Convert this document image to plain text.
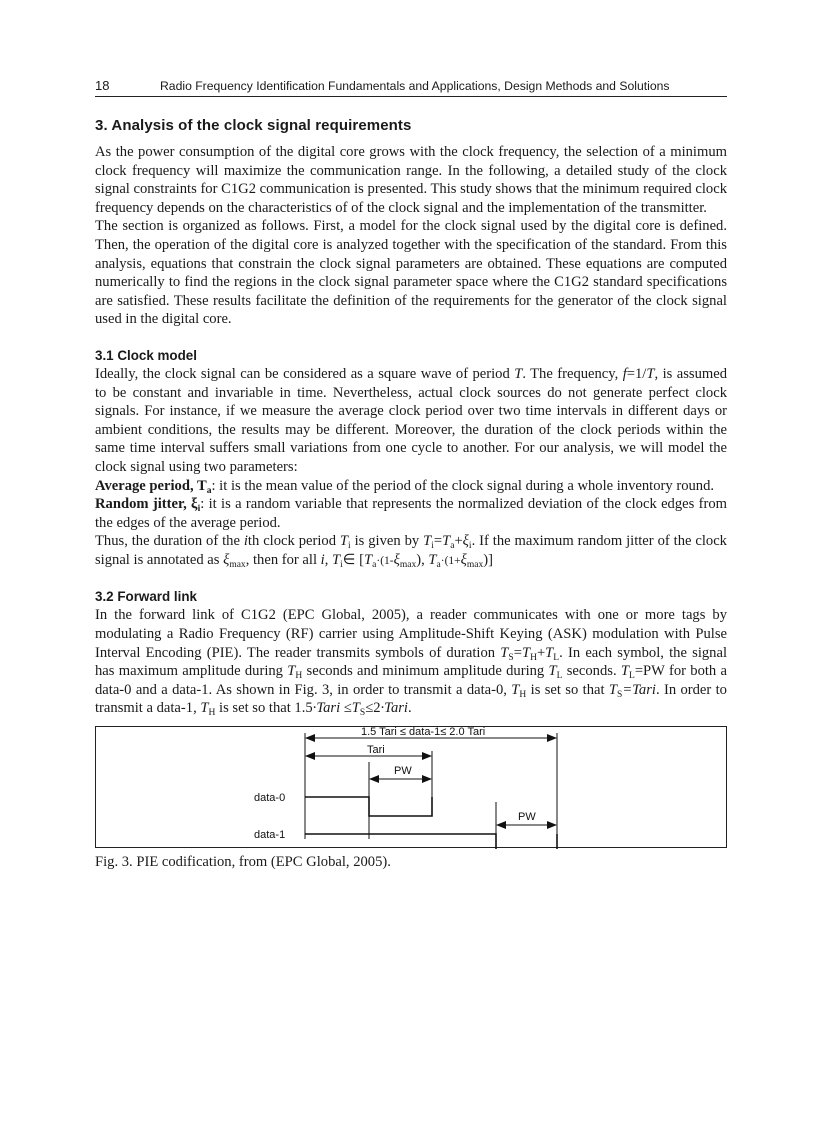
18	Radio Frequency Identification Fundamentals and Applications, Design Methods and Solutions
3. Analysis of the clock signal requirements

As the power consumption of the digital core grows with the clock frequency, the selection of a minimum clock frequency will maximize the communication range. In the following, a detailed study of the clock signal constraints for C1G2 communication is presented. This study shows that the minimum required clock frequency depends on the characteristics of of the clock signal and the implementation of the transmitter.

The section is organized as follows. First, a model for the clock signal used by the digital core is defined. Then, the operation of the digital core is analyzed together with the specification of the standard. From this analysis, equations that constrain the clock signal parameters are obtained. These equations are computed numerically to find the regions in the clock signal parameter space where the C1G2 standard specifications are satisfied. These results facilitate the definition of the requirements for the generator of the clock signal used in the digital core.

3.1 Clock model

Ideally, the clock signal can be considered as a square wave of period T. The frequency, f=1/T, is assumed to be constant and invariable in time. Nevertheless, actual clock sources do not generate perfect clock signals. For instance, if we measure the average clock period over two time intervals in different days or ambient conditions, the results may be different. Moreover, the duration of the clock periods within the same time interval suffers small variations from one cycle to another. For our analysis, we will model the clock signal using two parameters:

Average period, $T_a$: it is the mean value of the period of the clock signal during a whole inventory round.

Random jitter, $\xi_i$: it is a random variable that represents the normalized deviation of the clock edges from the edges of the average period.

Thus, the duration of the ith clock period $T_i$ is given by $T_i=T_a+\xi_i$. If the maximum random jitter of the clock signal is annotated as $\xi_{max}$, then for all i, $T_i\in$ [$T_a\cdot(1-\xi_{max})$, $T_a\cdot(1+\xi_{max})$]

3.2 Forward link

In the forward link of C1G2 (EPC Global, 2005), a reader communicates with one or more tags by modulating a Radio Frequency (RF) carrier using Amplitude-Shift Keying (ASK) modulation with Pulse Interval Encoding (PIE). The reader transmits symbols of duration $T_S=T_H+T_L$. In each symbol, the signal has maximum amplitude during $T_H$ seconds and minimum amplitude during $T_L$ seconds. $T_L=PW$ for both a data-0 and a data-1. As shown in Fig. 3, in order to transmit a data-0, $T_H$ is set so that $T_S=Tari$. In order to transmit a data-1, $T_H$ is set so that 1.5·Tari $\le T_S\le 2\cdot Tari$.

1.5 Tari ≤ data-1≤ 2.0 Tari
Tari
PW
PW
data-0
data-1
Fig. 3. PIE codification, from (EPC Global, 2005).
